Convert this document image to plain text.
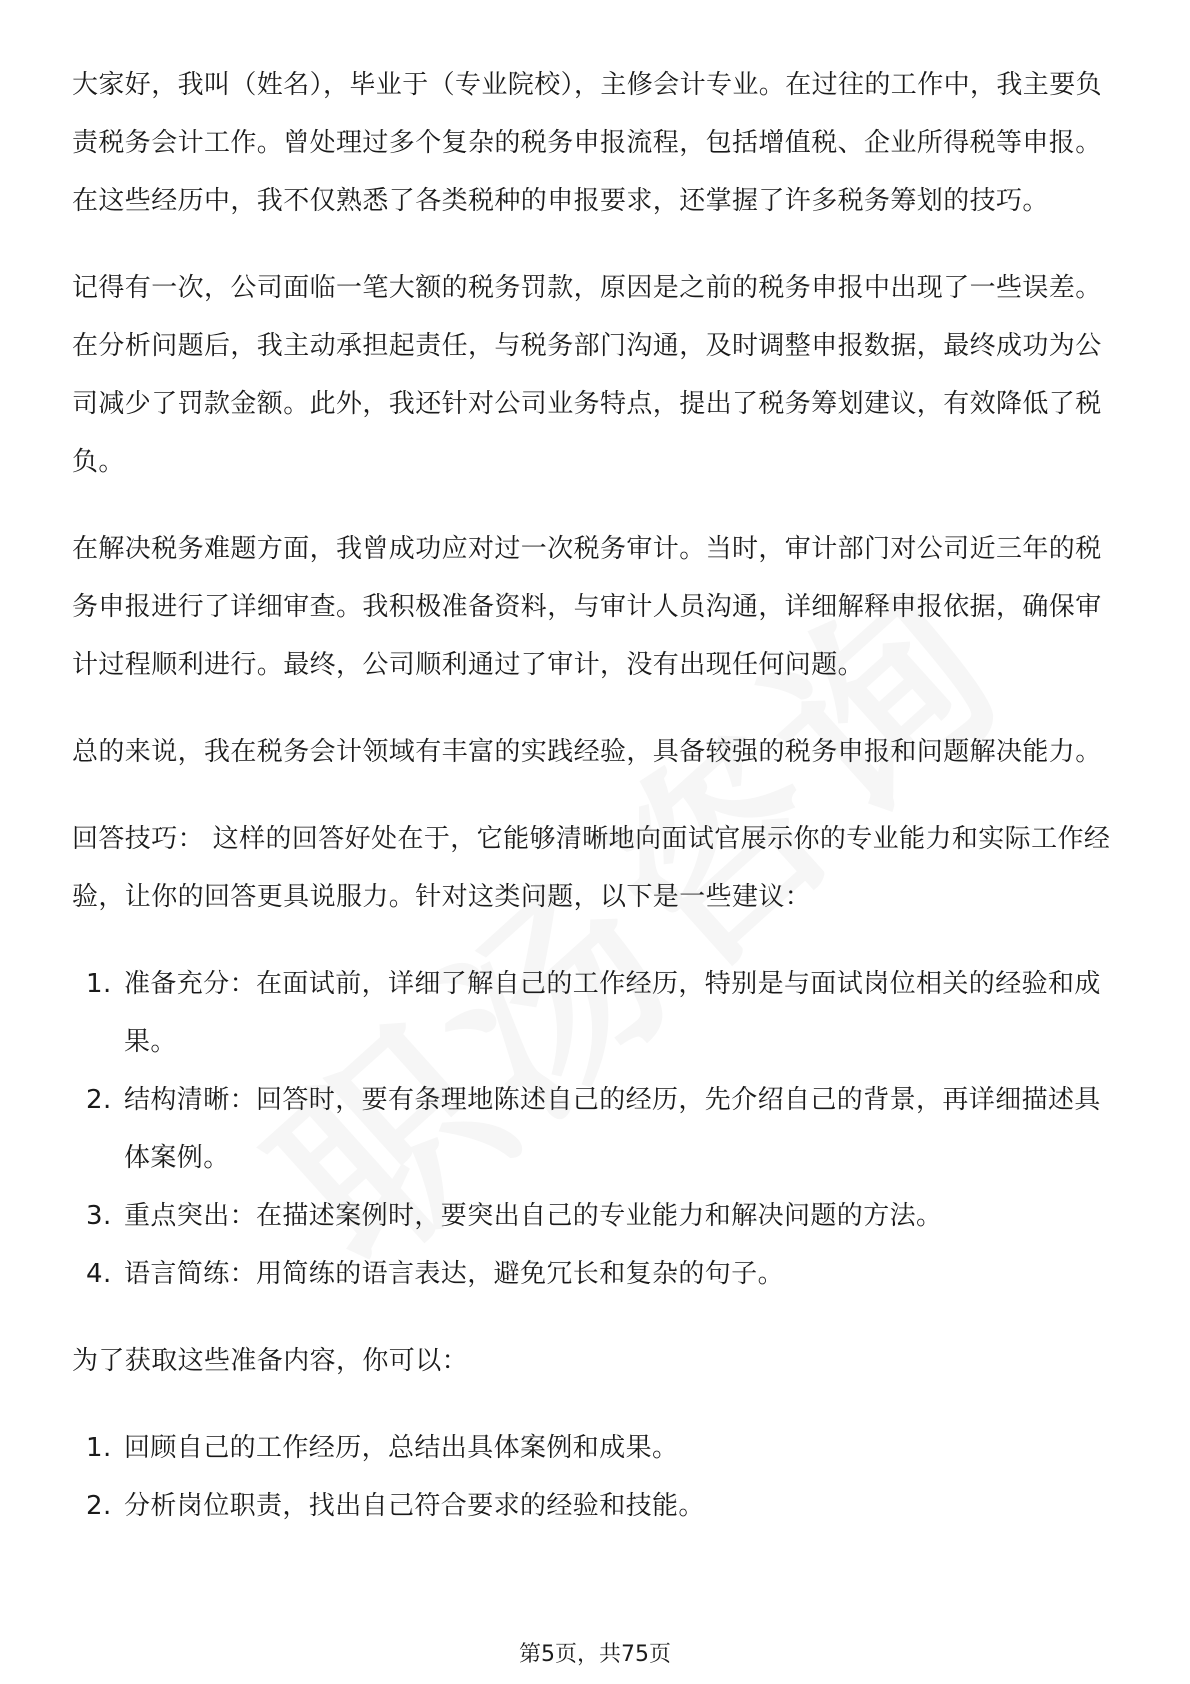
大家好，我叫（姓名），毕业于（专业院校），主修会计专业。在过往的工作中，我主要负责税务会计工作。曾处理过多个复杂的税务申报流程，包括增值税、企业所得税等申报。在这些经历中，我不仅熟悉了各类税种的申报要求，还掌握了许多税务筹划的技巧。

记得有一次，公司面临一笔大额的税务罚款，原因是之前的税务申报中出现了一些误差。在分析问题后，我主动承担起责任，与税务部门沟通，及时调整申报数据，最终成功为公司减少了罚款金额。此外，我还针对公司业务特点，提出了税务筹划建议，有效降低了税负。

在解决税务难题方面，我曾成功应对过一次税务审计。当时，审计部门对公司近三年的税务申报进行了详细审查。我积极准备资料，与审计人员沟通，详细解释申报依据，确保审计过程顺利进行。最终，公司顺利通过了审计，没有出现任何问题。

总的来说，我在税务会计领域有丰富的实践经验，具备较强的税务申报和问题解决能力。

回答技巧： 这样的回答好处在于，它能够清晰地向面试官展示你的专业能力和实际工作经验，让你的回答更具说服力。针对这类问题，以下是一些建议：

1. 准备充分：在面试前，详细了解自己的工作经历，特别是与面试岗位相关的经验和成果。
2. 结构清晰：回答时，要有条理地陈述自己的经历，先介绍自己的背景，再详细描述具体案例。
3. 重点突出：在描述案例时，要突出自己的专业能力和解决问题的方法。
4. 语言简练：用简练的语言表达，避免冗长和复杂的句子。

为了获取这些准备内容，你可以：

1. 回顾自己的工作经历，总结出具体案例和成果。
2. 分析岗位职责，找出自己符合要求的经验和技能。
第5页，共75页
